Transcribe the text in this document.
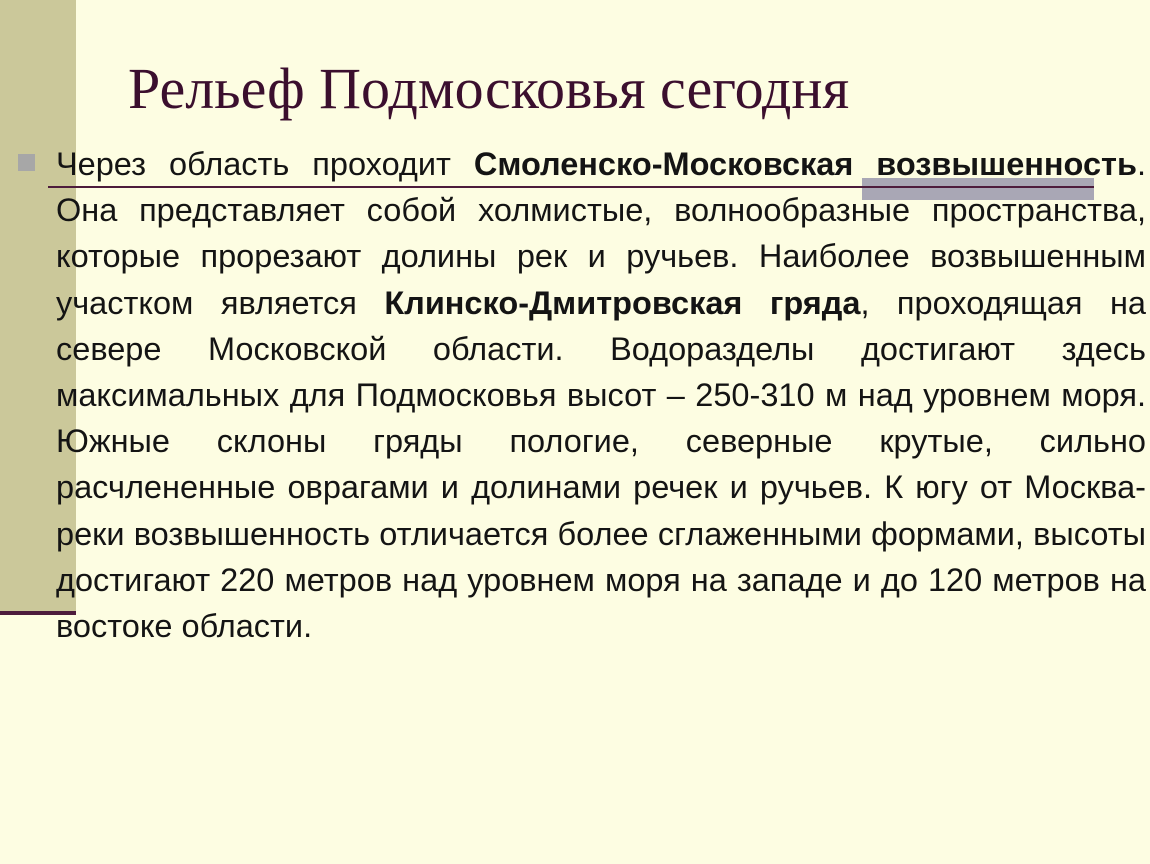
Рельеф Подмосковья сегодня

Через область проходит Смоленско-Московская возвышенность. Она представляет собой холмистые, волнообразные пространства, которые прорезают долины рек и ручьев. Наиболее возвышенным участком является Клинско-Дмитровская гряда, проходящая на севере Московской области. Водоразделы достигают здесь максимальных для Подмосковья высот – 250-310 м над уровнем моря. Южные склоны гряды пологие, северные крутые, сильно расчлененные оврагами и долинами речек и ручьев. К югу от Москва-реки возвышенность отличается более сглаженными формами, высоты достигают 220 метров над уровнем моря на западе и до 120 метров на востоке области.
